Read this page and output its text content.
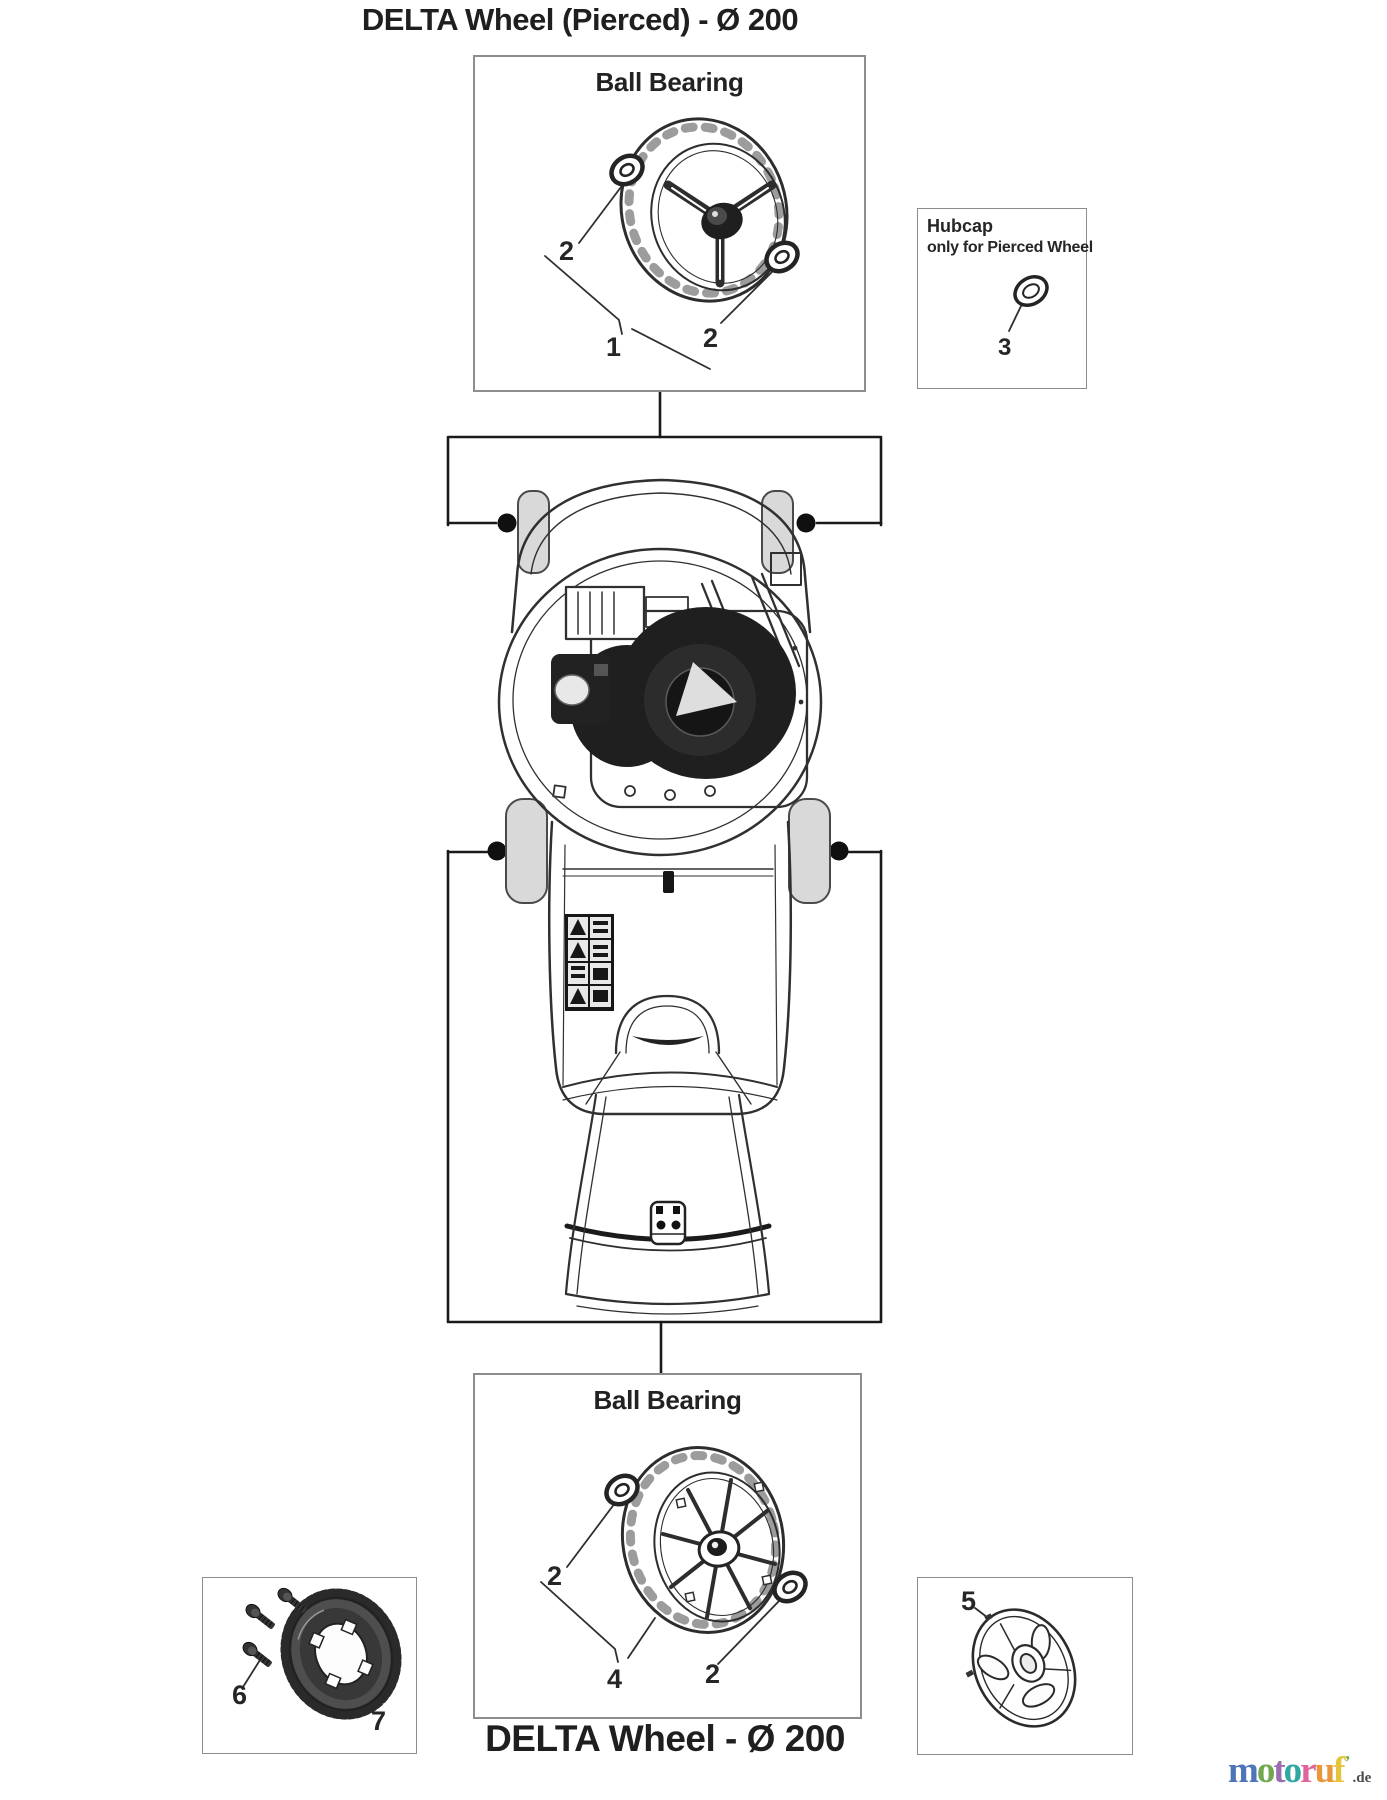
DELTA Wheel (Pierced) - Ø 200
DELTA Wheel - Ø 200
Ball Bearing
2
1	2
Hubcap
only for Pierced Wheel
3
Ball Bearing
2
4	2
6
7
5
motoruf’.de
